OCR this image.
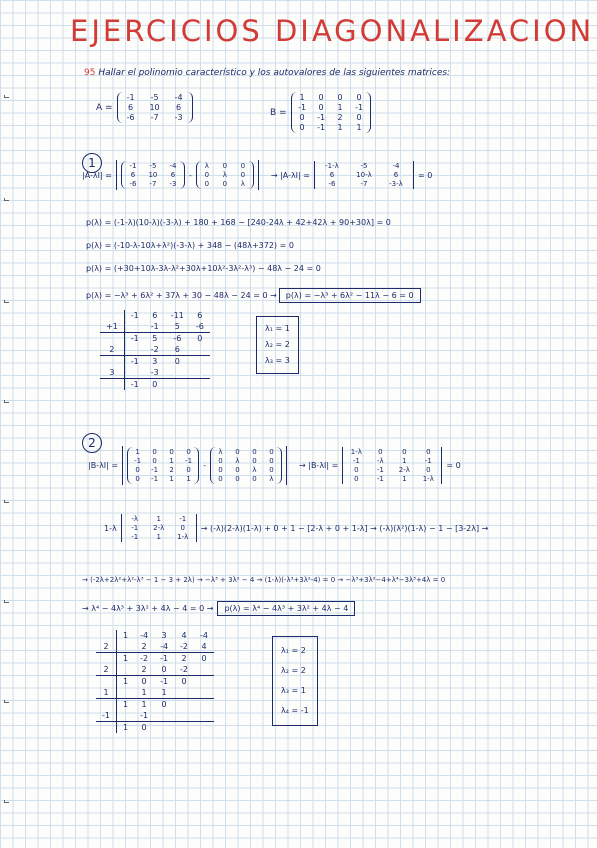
EJERCICIOS DIAGONALIZACION
95 Hallar el polinomio característico y los autovalores de las siguientes matrices:
A =
-1	-5	-4
6	10	6
-6	-7	-3	B =
1	0	0	0
-1	0	1	-1
0	-1	2	0
0	-1	1	1
1
|A-λI| =
-1	-5	-4
6	10	6
-6	-7	-3
-
λ	0	0
0	λ	0
0	0	λ
→ |A-λI| =
-1-λ	-5	-4
6	10-λ	6
-6	-7	-3-λ
= 0
p(λ) = (-1-λ)(10-λ)(-3-λ) + 180 + 168 − [240-24λ + 42+42λ + 90+30λ] = 0
p(λ) = (-10-λ-10λ+λ²)(-3-λ) + 348 − (48λ+372) = 0
p(λ) = (+30+10λ-3λ-λ²+30λ+10λ²-3λ²-λ³) − 48λ − 24 = 0
p(λ) = −λ³ + 6λ² + 37λ + 30 − 48λ − 24 = 0 →	p(λ) = −λ³ + 6λ² − 11λ − 6 = 0
	-1	6	-11	6
+1		-1	5	-6
	-1	5	-6	0
2		-2	6	
	-1	3	0	
3		-3		
	-1	0		
λ₁ = 1
λ₂ = 2
λ₃ = 3
2
|B-λI| =
1	0	0	0
-1	0	1	-1
0	-1	2	0
0	-1	1	1
-
λ	0	0	0
0	λ	0	0
0	0	λ	0
0	0	0	λ
→ |B-λI| =
1-λ	0	0	0
-1	-λ	1	-1
0	-1	2-λ	0
0	-1	1	1-λ
= 0
1-λ
-λ	1	-1
-1	2-λ	0
-1	1	1-λ
→ (-λ)(2-λ)(1-λ) + 0 + 1 − [2-λ + 0 + 1-λ] → (-λ)(λ²)(1-λ) − 1 − [3-2λ] →
→ (-2λ+2λ²+λ²-λ³ − 1 − 3 + 2λ) → −λ³ + 3λ² − 4 → (1-λ)(-λ³+3λ²-4) = 0 → −λ³+3λ²−4+λ⁴−3λ³+4λ = 0
→ λ⁴ − 4λ³ + 3λ² + 4λ − 4 = 0 →	p(λ) = λ⁴ − 4λ³ + 3λ² + 4λ − 4
	1	-4	3	4	-4
2		2	-4	-2	4
	1	-2	-1	2	0
2		2	0	-2	
	1	0	-1	0	
1		1	1		
	1	1	0		
-1		-1			
	1	0			
λ₁ = 2
λ₂ = 2
λ₃ = 1
λ₄ = -1
